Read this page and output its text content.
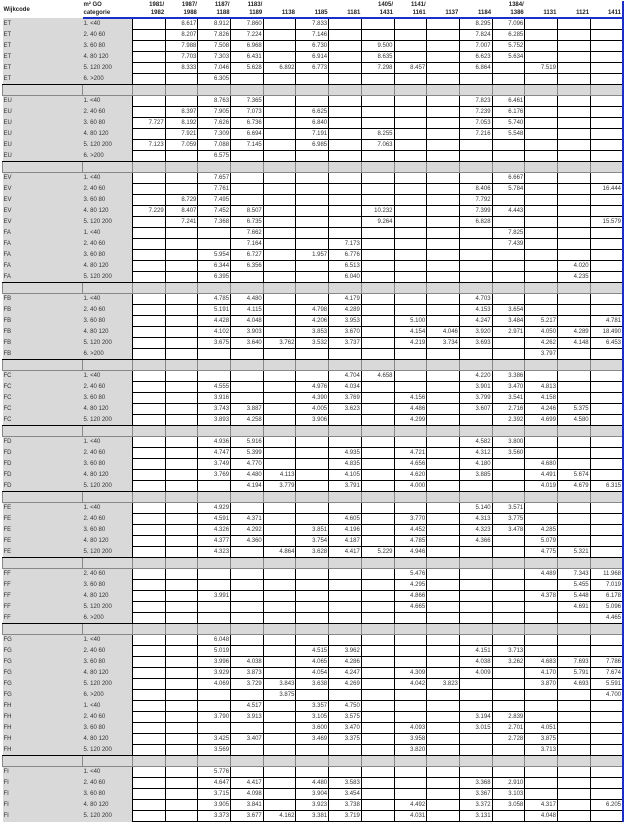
Wijkcode	m² GO	1981/	1987/	1187/	1183/				1405/	1141/			1384/			
	categorie	1982	1988	1188	1189	1138	1185	1181	1431	1161	1137	1184	1386	1131	1121	1411
ET	1. <40		8.617	8.912	7.860		7.833					8.295	7.096			
ET	2. 40 60		8.207	7.826	7.224		7.146					7.824	6.285			
ET	3. 60 80		7.988	7.508	6.968		6.730		9.500			7.007	5.752			
ET	4. 80 120		7.703	7.303	6.431		6.914		8.635			6.623	5.634			
ET	5. 120 200		8.333	7.046	5.628	6.892	6.773		7.298	8.457		6.864		7.519		
ET	6. >200			6.305												

EU	1. <40			8.763	7.365							7.823	6.461			
EU	2. 40 60		8.397	7.905	7.073		6.625					7.239	6.176			
EU	3. 60 80	7.727	8.192	7.626	6.736		6.840					7.053	5.740			
EU	4. 80 120		7.921	7.309	6.694		7.191		8.255			7.216	5.548			
EU	5. 120 200	7.123	7.059	7.088	7.145		6.985		7.063							
EU	6. >200			6.575												

EV	1. <40			7.657									6.667			
EV	2. 40 60			7.761								8.406	5.784			16.444
EV	3. 60 80		8.729	7.495								7.792				
EV	4. 80 120	7.229	8.407	7.452	8.507				10.232			7.399	4.443			
EV	5. 120 200		7.241	7.368	6.735				9.264			6.828				15.579
FA	1. <40				7.662								7.825			
FA	2. 40 60				7.164			7.173					7.439			
FA	3. 60 80			5.954	6.727		1.957	6.776								
FA	4. 80 120			6.344	6.356			6.513							4.020	
FA	5. 120 200			6.395				6.040							4.235	

FB	1. <40			4.785	4.480			4.179				4.703				
FB	2. 40 60			5.191	4.115		4.798	4.289				4.153	3.654			
FB	3. 60 80			4.428	4.048		4.206	3.953		5.100		4.247	3.484	5.217		4.781
FB	4. 80 120			4.102	3.903		3.853	3.670		4.154	4.046	3.920	2.971	4.050	4.289	18.490
FB	5. 120 200			3.675	3.640	3.762	3.532	3.737		4.219	3.734	3.693		4.262	4.148	6.453
FB	6. >200													3.797		

FC	1. <40							4.704	4.658			4.220	3.386			
FC	2. 40 60			4.555			4.976	4.034				3.901	3.470	4.813		
FC	3. 60 80			3.916			4.390	3.769		4.156		3.799	3.541	4.158		
FC	4. 80 120			3.743	3.887		4.005	3.623		4.486		3.607	2.716	4.246	5.375	
FC	5. 120 200			3.893	4.258		3.906			4.299			2.392	4.699	4.580	

FD	1. <40			4.936	5.916							4.582	3.800			
FD	2. 40 60			4.747	5.399			4.935		4.721		4.312	3.560			
FD	3. 60 80			3.749	4.770			4.835		4.656		4.180		4.680		
FD	4. 80 120			3.769	4.480	4.113		4.105		4.620		3.885		4.491	5.674	
FD	5. 120 200				4.194	3.779		3.791		4.000				4.019	4.679	6.315

FE	1. <40			4.929								5.140	3.571			
FE	2. 40 60			4.591	4.371			4.605		3.770		4.313	3.775			
FE	3. 60 80			4.326	4.292		3.851	4.196		4.452		4.323	3.478	4.285		
FE	4. 80 120			4.377	4.360		3.754	4.187		4.785		4.366		5.079		
FE	5. 120 200			4.323		4.864	3.628	4.417	5.229	4.946				4.775	5.321	

FF	2. 40 60									5.476				4.489	7.343	11.968
FF	3. 60 80									4.295					5.455	7.019
FF	4. 80 120			3.991						4.866				4.378	5.448	6.178
FF	5. 120 200									4.665					4.691	5.096
FF	6. >200															4.465

FG	1. <40			6.048												
FG	2. 40 60			5.019			4.515	3.962				4.151	3.713			
FG	3. 60 80			3.996	4.038		4.065	4.286				4.038	3.262	4.683	7.693	7.786
FG	4. 80 120			3.929	3.873		4.054	4.247		4.309		4.009		4.170	5.791	7.674
FG	5. 120 200			4.069	3.729	3.843	3.638	4.269		4.042	3.823			3.870	4.693	5.591
FG	6. >200					3.875										4.700
FH	1. <40				4.517		3.357	4.750								
FH	2. 40 60			3.790	3.913		3.105	3.575				3.194	2.839			
FH	3. 60 80						3.600	3.470		4.093		3.015	2.701	4.051		
FH	4. 80 120			3.425	3.407		3.469	3.375		3.958			2.728	3.875		
FH	5. 120 200			3.569						3.820				3.713		

FI	1. <40			5.776												
FI	2. 40 60			4.647	4.417		4.480	3.583				3.368	2.910			
FI	3. 60 80			3.715	4.098		3.904	3.454				3.367	3.103			
FI	4. 80 120			3.905	3.841		3.923	3.738		4.492		3.372	3.058	4.317		6.205
FI	5. 120 200			3.373	3.677	4.162	3.381	3.719		4.031		3.131		4.048		
